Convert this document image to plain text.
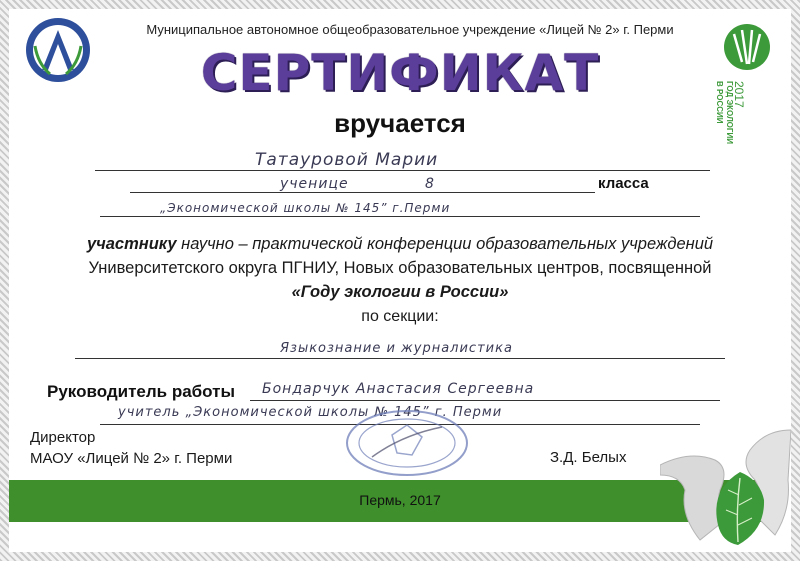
2017
ГОД ЭКОЛОГИИ
В РОССИИ
Муниципальное автономное общеобразовательное учреждение «Лицей № 2» г. Перми
СЕРТИФИКАТ
вручается
Татауровой Марии
ученице	8	класса
„Экономической школы № 145” г.Перми
участнику научно – практической конференции образовательных учреждений
Университетского округа ПГНИУ, Новых образовательных центров, посвященной
«Году экологии в России»
по секции:
Языкознание и журналистика
Руководитель работы Бондарчук Анастасия Сергеевна
учитель „Экономической школы № 145” г. Перми
Директор
МАОУ «Лицей № 2» г. Перми	З.Д. Белых
Пермь, 2017
